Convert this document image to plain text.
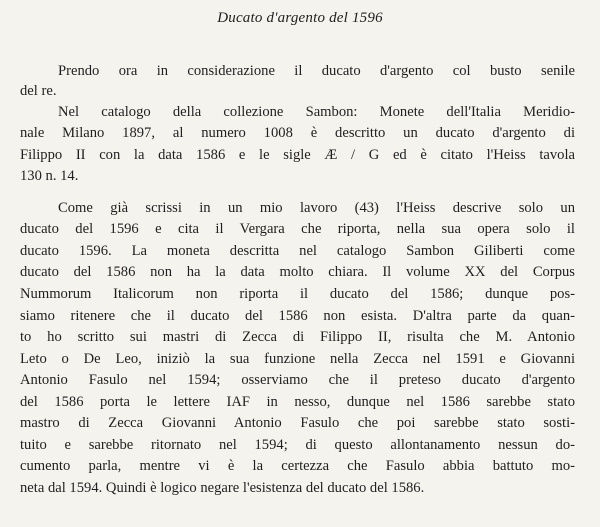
Ducato d'argento del 1596
Prendo ora in considerazione il ducato d'argento col busto senile
del re.
Nel catalogo della collezione Sambon: Monete dell'Italia Meridio-
nale Milano 1897, al numero 1008 è descritto un ducato d'argento di
Filippo II con la data 1586 e le sigle Æ / G ed è citato l'Heiss tavola
130 n. 14.
Come già scrissi in un mio lavoro (43) l'Heiss descrive solo un
ducato del 1596 e cita il Vergara che riporta, nella sua opera solo il
ducato 1596. La moneta descritta nel catalogo Sambon Giliberti come
ducato del 1586 non ha la data molto chiara. Il volume XX del Corpus
Nummorum Italicorum non riporta il ducato del 1586; dunque pos-
siamo ritenere che il ducato del 1586 non esista. D'altra parte da quan-
to ho scritto sui mastri di Zecca di Filippo II, risulta che M. Antonio
Leto o De Leo, iniziò la sua funzione nella Zecca nel 1591 e Giovanni
Antonio Fasulo nel 1594; osserviamo che il preteso ducato d'argento
del 1586 porta le lettere IAF in nesso, dunque nel 1586 sarebbe stato
mastro di Zecca Giovanni Antonio Fasulo che poi sarebbe stato sosti-
tuito e sarebbe ritornato nel 1594; di questo allontanamento nessun do-
cumento parla, mentre vi è la certezza che Fasulo abbia battuto mo-
neta dal 1594. Quindi è logico negare l'esistenza del ducato del 1586.
